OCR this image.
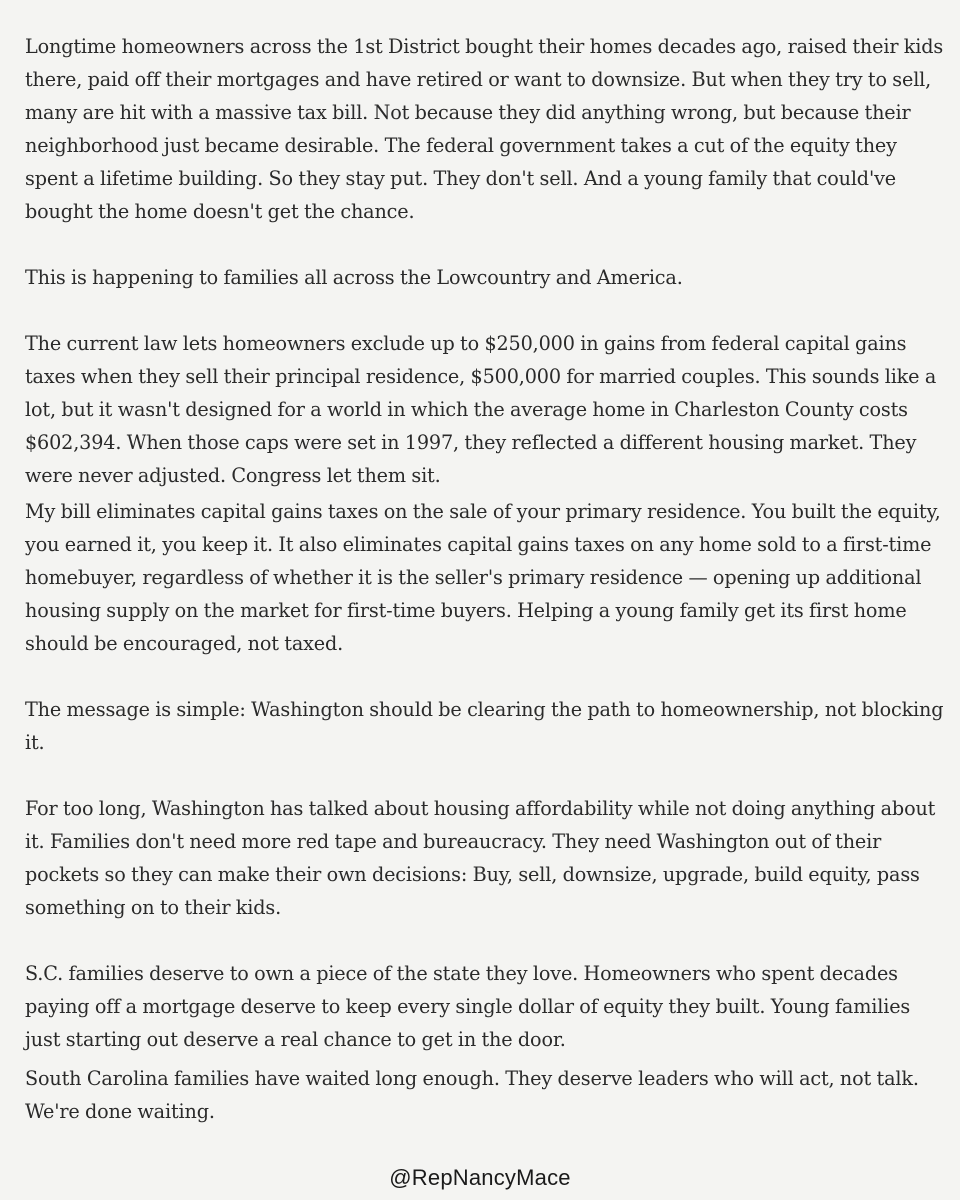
Longtime homeowners across the 1st District bought their homes decades ago, raised their kids there, paid off their mortgages and have retired or want to downsize. But when they try to sell, many are hit with a massive tax bill. Not because they did anything wrong, but because their neighborhood just became desirable. The federal government takes a cut of the equity they spent a lifetime building. So they stay put. They don't sell. And a young family that could've bought the home doesn't get the chance.

This is happening to families all across the Lowcountry and America.

The current law lets homeowners exclude up to $250,000 in gains from federal capital gains taxes when they sell their principal residence, $500,000 for married couples. This sounds like a lot, but it wasn't designed for a world in which the average home in Charleston County costs $602,394. When those caps were set in 1997, they reflected a different housing market. They were never adjusted. Congress let them sit.

My bill eliminates capital gains taxes on the sale of your primary residence. You built the equity, you earned it, you keep it. It also eliminates capital gains taxes on any home sold to a first-time homebuyer, regardless of whether it is the seller's primary residence — opening up additional housing supply on the market for first-time buyers. Helping a young family get its first home should be encouraged, not taxed.

The message is simple: Washington should be clearing the path to homeownership, not blocking it.

For too long, Washington has talked about housing affordability while not doing anything about it. Families don't need more red tape and bureaucracy. They need Washington out of their pockets so they can make their own decisions: Buy, sell, downsize, upgrade, build equity, pass something on to their kids.

S.C. families deserve to own a piece of the state they love. Homeowners who spent decades paying off a mortgage deserve to keep every single dollar of equity they built. Young families just starting out deserve a real chance to get in the door.

South Carolina families have waited long enough. They deserve leaders who will act, not talk. We're done waiting.

@RepNancyMace
